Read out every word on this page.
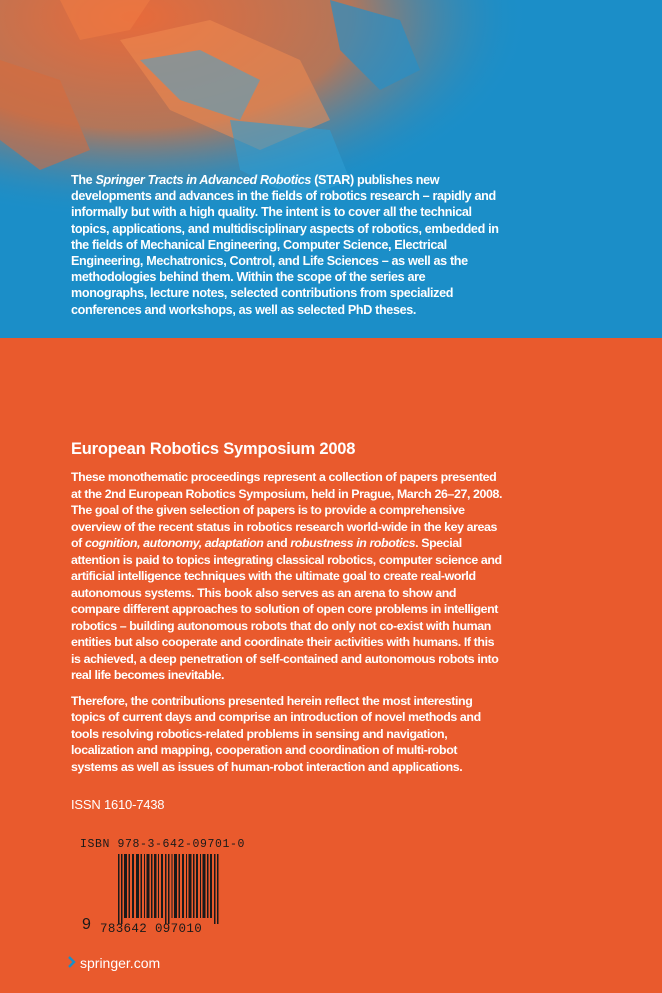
The Springer Tracts in Advanced Robotics (STAR) publishes new developments and advances in the fields of robotics research – rapidly and informally but with a high quality. The intent is to cover all the technical topics, applications, and multidisciplinary aspects of robotics, embedded in the fields of Mechanical Engineering, Computer Science, Electrical Engineering, Mechatronics, Control, and Life Sciences – as well as the methodologies behind them. Within the scope of the series are monographs, lecture notes, selected contributions from specialized conferences and workshops, as well as selected PhD theses.
European Robotics Symposium 2008

These monothematic proceedings represent a collection of papers presented at the 2nd European Robotics Symposium, held in Prague, March 26–27, 2008. The goal of the given selection of papers is to provide a comprehensive overview of the recent status in robotics research world-wide in the key areas of cognition, autonomy, adaptation and robustness in robotics. Special attention is paid to topics integrating classical robotics, computer science and artificial intelligence techniques with the ultimate goal to create real-world autonomous systems. This book also serves as an arena to show and compare different approaches to solution of open core problems in intelligent robotics – building autonomous robots that do only not co-exist with human entities but also cooperate and coordinate their activities with humans. If this is achieved, a deep penetration of self-contained and autonomous robots into real life becomes inevitable.

Therefore, the contributions presented herein reflect the most interesting topics of current days and comprise an introduction of novel methods and tools resolving robotics-related problems in sensing and navigation, localization and mapping, cooperation and coordination of multi-robot systems as well as issues of human-robot interaction and applications.

ISSN 1610-7438
ISBN 978-3-642-09701-0
9 783642 097010
springer.com
